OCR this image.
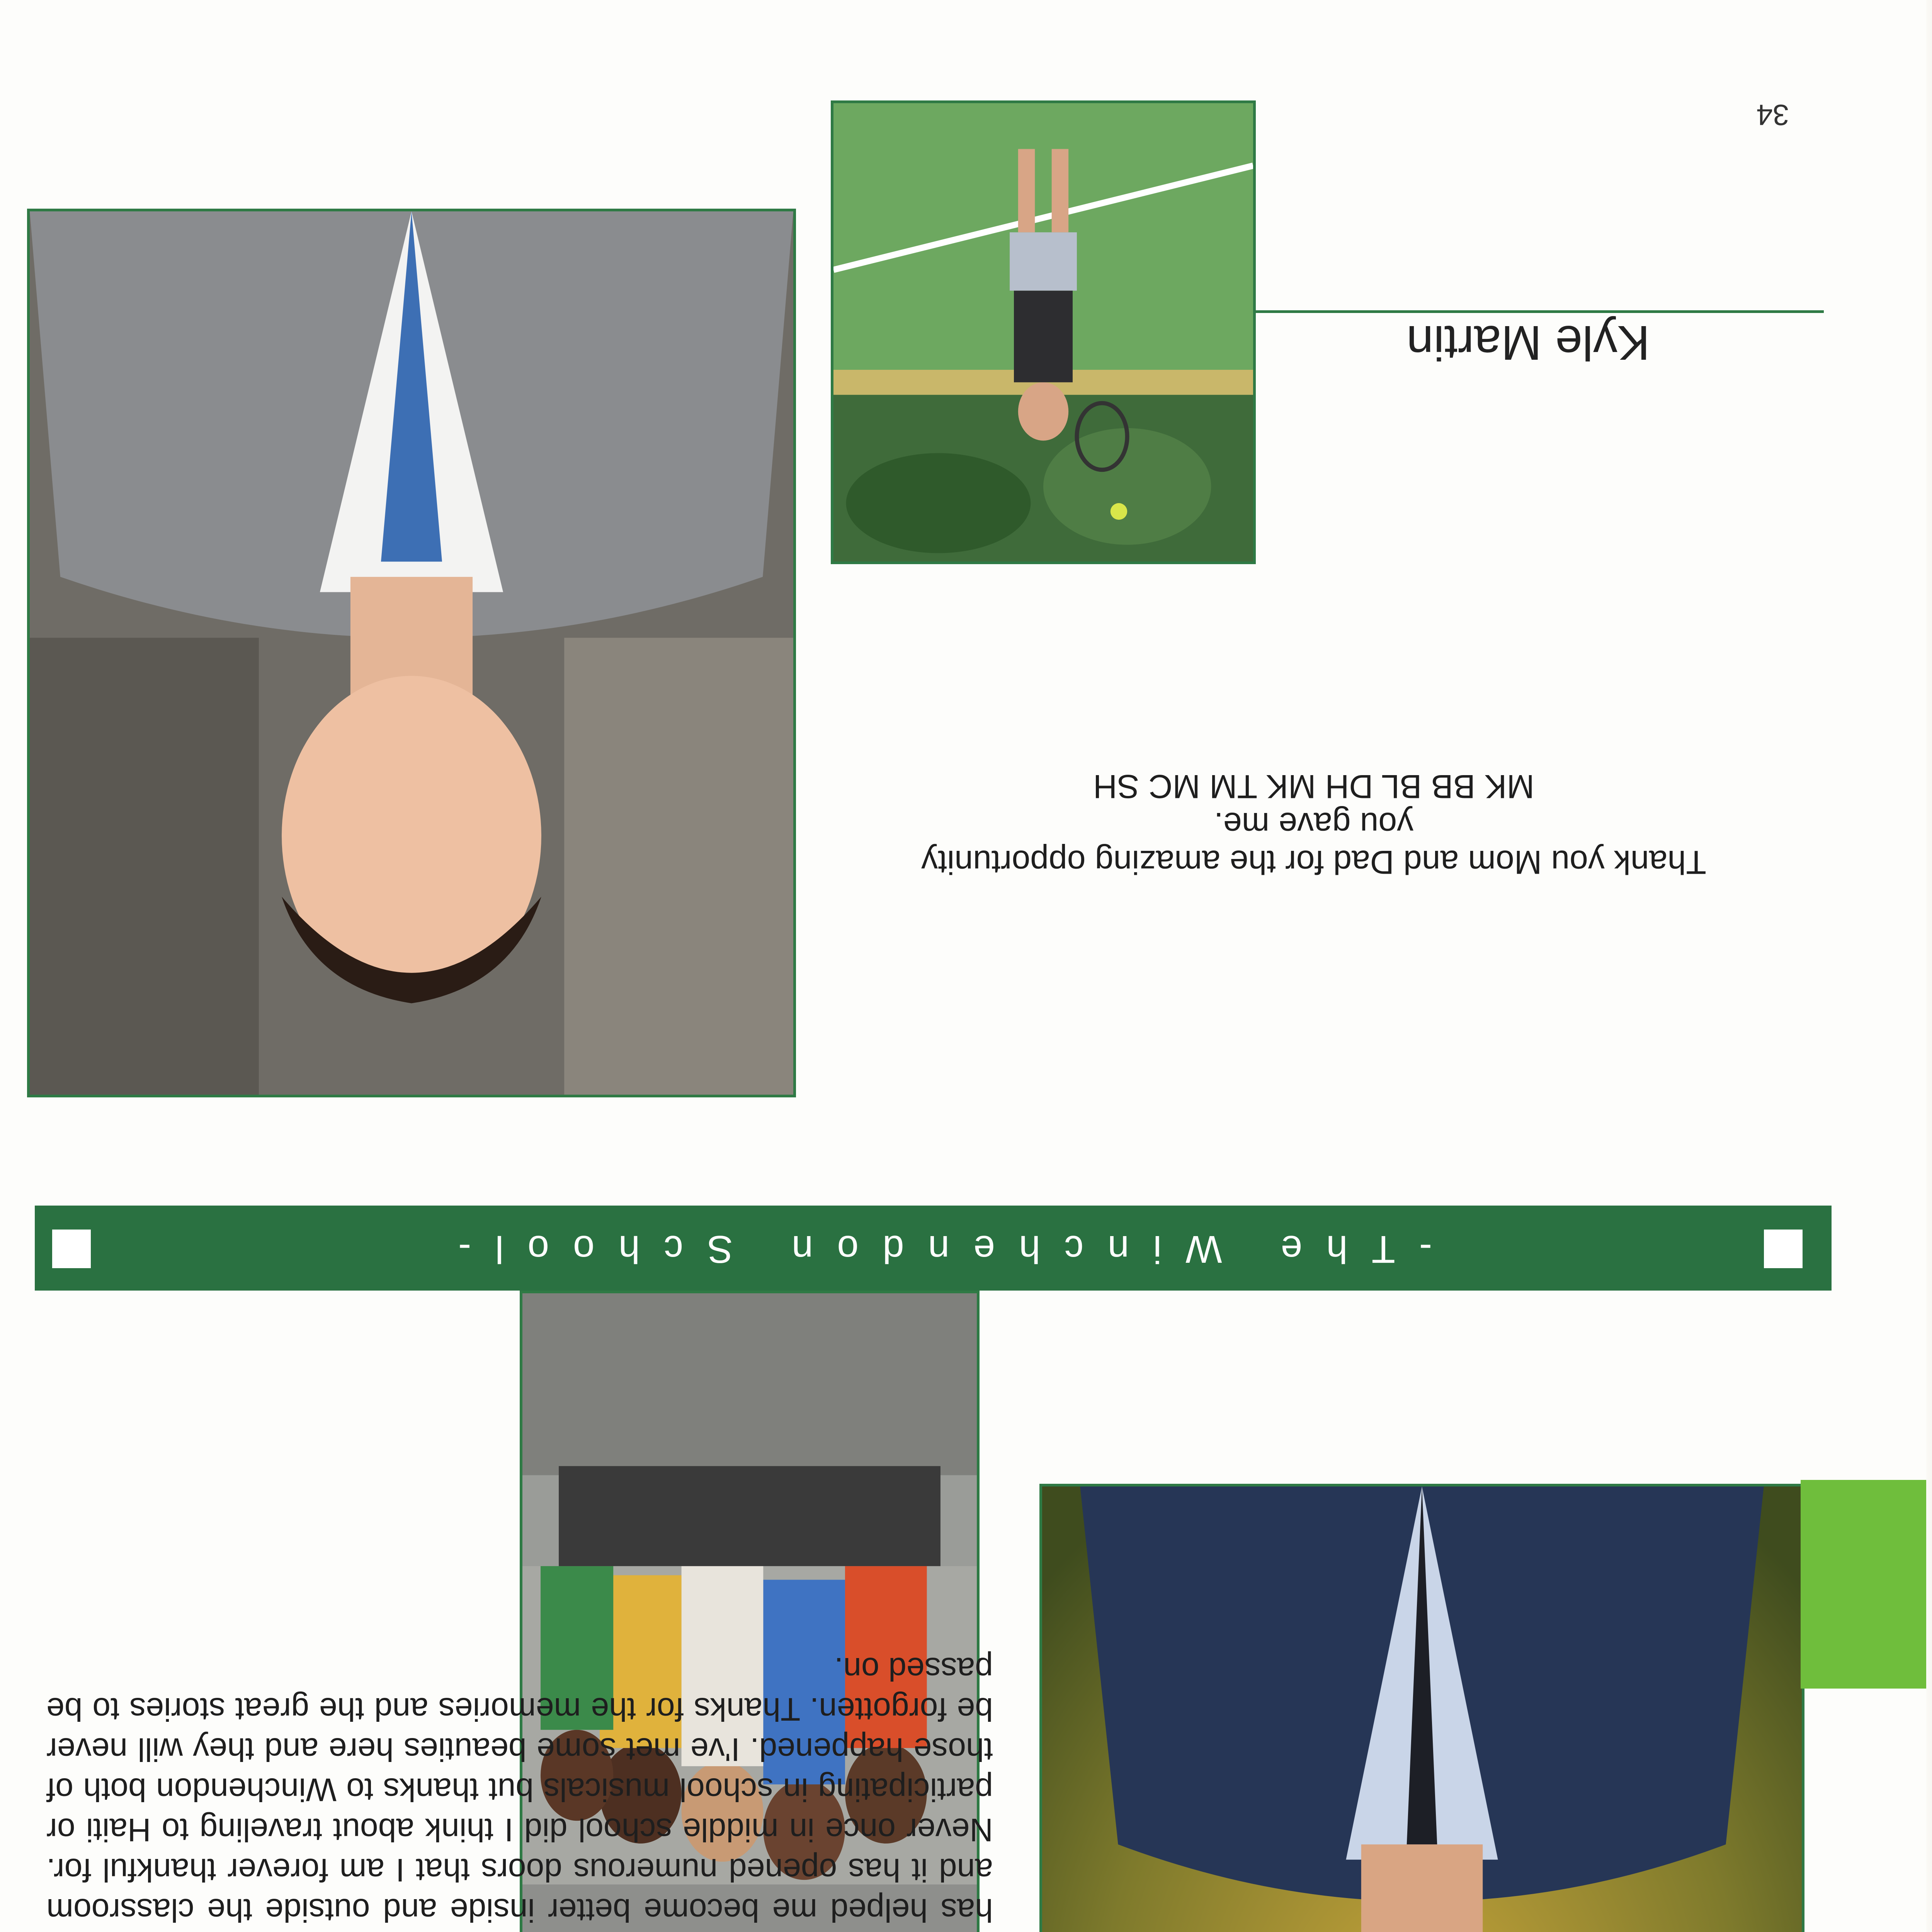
has helped me become better inside and outside the classroom and it has opened numerous doors that I am forever thankful for. Never once in middle school did I think about traveling to Haiti or participating in school musicals but thanks to Winchendon both of those happened. I've met some beauties here and they will never be forgotten. Thanks for the memories and the great stories to be passed on.
-The Winchendon School-
Thank you Mom and Dad for the amazing opportunity
you gave me.
MK BB BL DH MK TM MC SH
Kyle Martin
34
